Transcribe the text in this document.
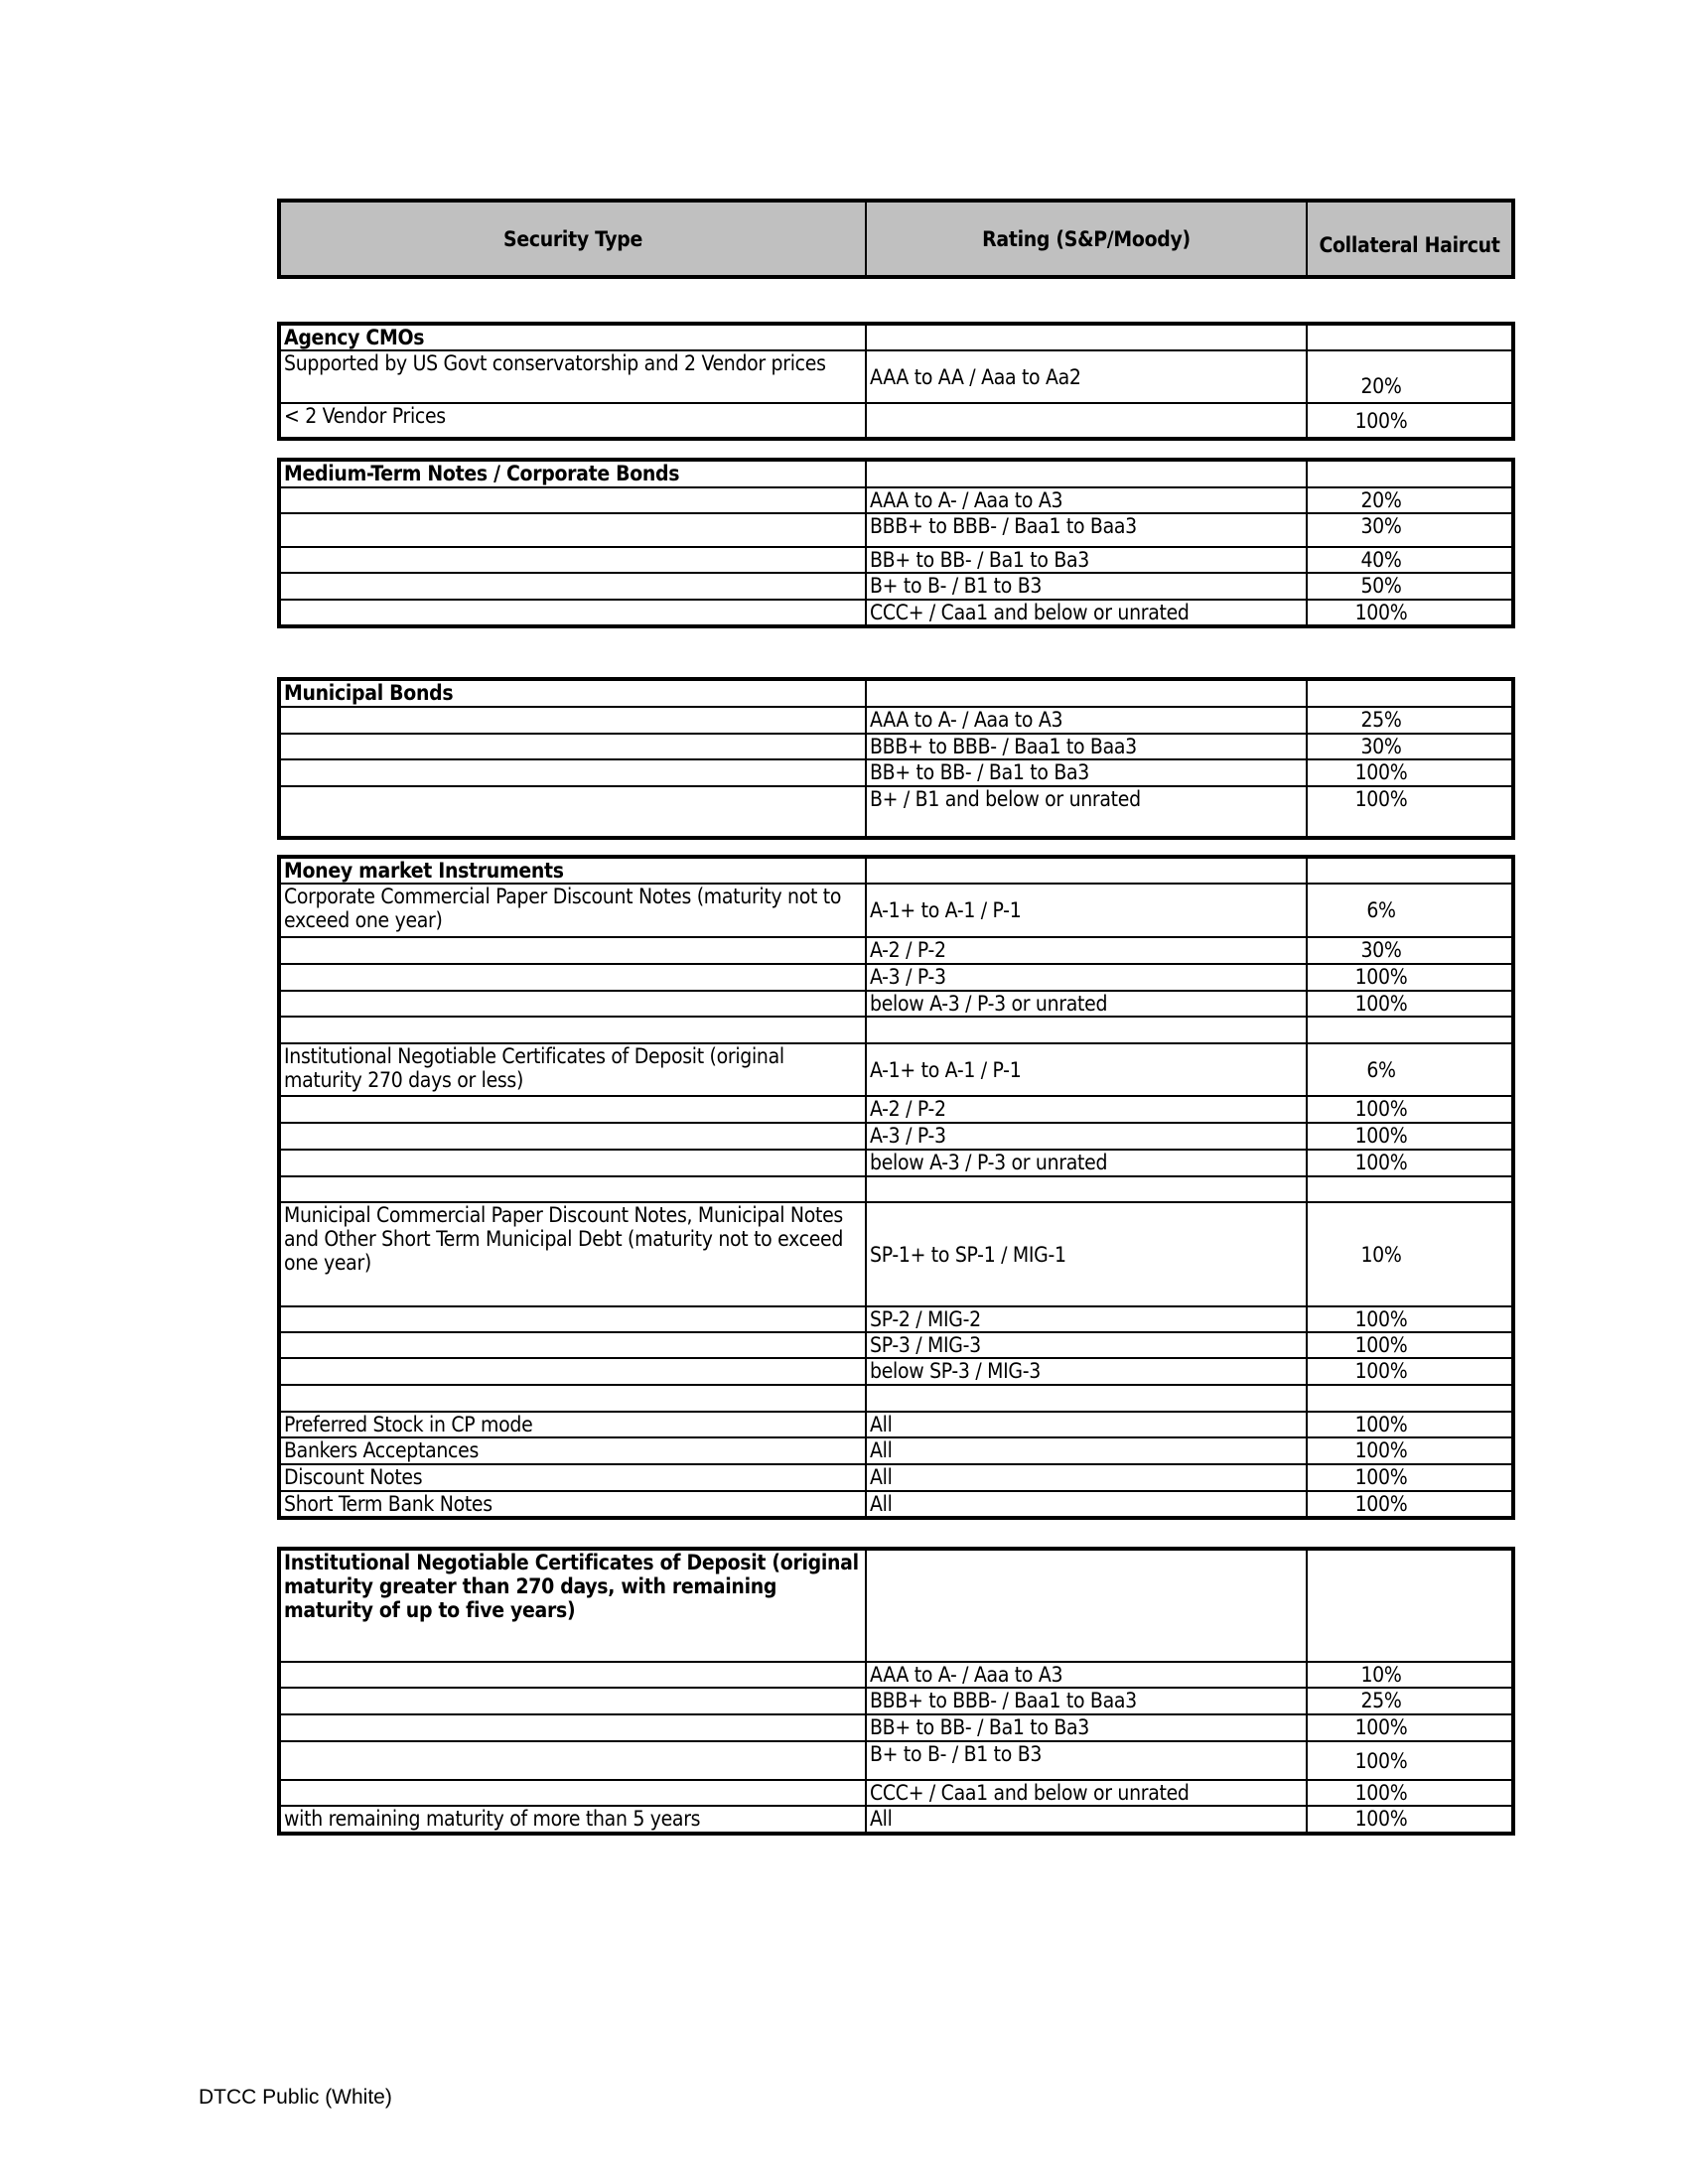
Security Type	Rating (S&P/Moody)	Collateral Haircut
Agency CMOs		
Supported by US Govt conservatorship and 2 Vendor prices	AAA to AA / Aaa to Aa2	20%
< 2 Vendor Prices		100%
Medium-Term Notes / Corporate Bonds		
	AAA to A- / Aaa to A3	20%
	BBB+ to BBB- / Baa1 to Baa3	30%
	BB+ to BB- / Ba1 to Ba3	40%
	B+ to B- / B1 to B3	50%
	CCC+ / Caa1 and below or unrated	100%
Municipal Bonds		
	AAA to A- / Aaa to A3	25%
	BBB+ to BBB- / Baa1 to Baa3	30%
	BB+ to BB- / Ba1 to Ba3	100%
	B+ / B1 and below or unrated	100%
Money market Instruments		
Corporate Commercial Paper Discount Notes (maturity not to exceed one year)	A-1+ to A-1 / P-1	6%
	A-2 / P-2	30%
	A-3 / P-3	100%
	below A-3 / P-3 or unrated	100%

Institutional Negotiable Certificates of Deposit (original maturity 270 days or less)	A-1+ to A-1 / P-1	6%
	A-2 / P-2	100%
	A-3 / P-3	100%
	below A-3 / P-3 or unrated	100%

Municipal Commercial Paper Discount Notes, Municipal Notes and Other Short Term Municipal Debt (maturity not to exceed one year)	SP-1+ to SP-1 / MIG-1	10%
	SP-2 / MIG-2	100%
	SP-3 / MIG-3	100%
	below SP-3 / MIG-3	100%

Preferred Stock in CP mode	All	100%
Bankers Acceptances	All	100%
Discount Notes	All	100%
Short Term Bank Notes	All	100%
Institutional Negotiable Certificates of Deposit (original maturity greater than 270 days, with remaining maturity of up to five years)		
	AAA to A- / Aaa to A3	10%
	BBB+ to BBB- / Baa1 to Baa3	25%
	BB+ to BB- / Ba1 to Ba3	100%
	B+ to B- / B1 to B3	100%
	CCC+ / Caa1 and below or unrated	100%
with remaining maturity of more than 5 years	All	100%
DTCC Public (White)
